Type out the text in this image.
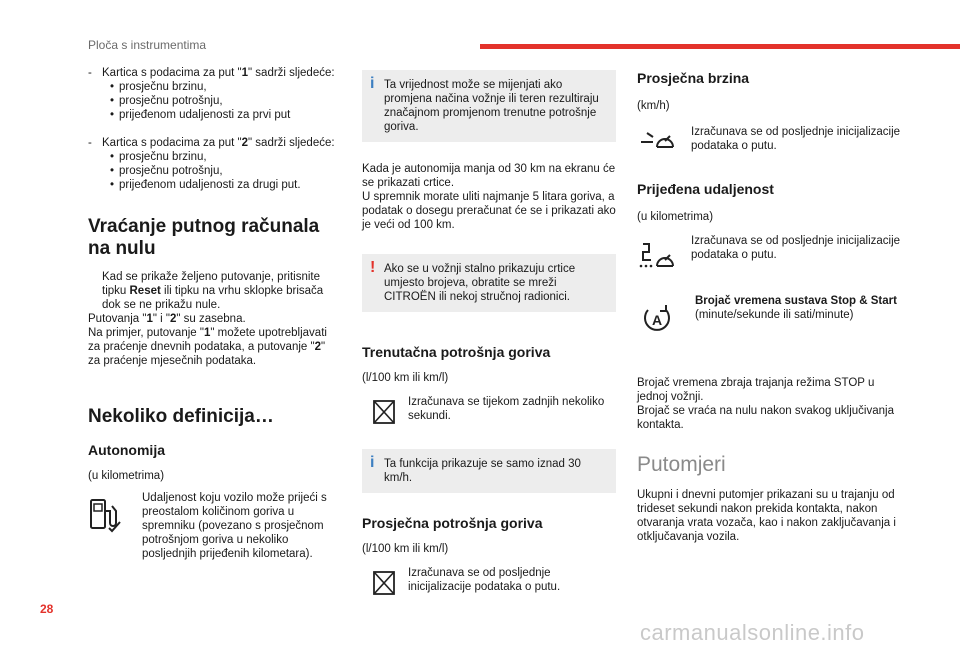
Ploča s instrumentima
- Kartica s podacima za put "1" sadrži sljedeće:

• prosječnu brzinu,
• prosječnu potrošnju,
• prijeđenom udaljenosti za prvi put
- Kartica s podacima za put "2" sadrži sljedeće:

• prosječnu brzinu,
• prosječnu potrošnju,
• prijeđenom udaljenosti za drugi put.
Vraćanje putnog računala na nulu

Kad se prikaže željeno putovanje, pritisnite tipku Reset ili tipku na vrhu sklopke brisača dok se ne prikažu nule.

Putovanja "1" i "2" su zasebna.

Na primjer, putovanje "1" možete upotrebljavati za praćenje dnevnih podataka, a putovanje "2" za praćenje mjesečnih podataka.

Nekoliko definicija…
Autonomija

(u kilometrima)

Udaljenost koju vozilo može prijeći s preostalom količinom goriva u spremniku (povezano s prosječnom potrošnjom goriva u nekoliko posljednjih prijeđenih kilometara).

i Ta vrijednost može se mijenjati ako promjena načina vožnje ili teren rezultiraju značajnom promjenom trenutne potrošnje goriva.

Kada je autonomija manja od 30 km na ekranu će se prikazati crtice.

U spremnik morate uliti najmanje 5 litara goriva, a podatak o dosegu preračunat će se i prikazati ako je veći od 100 km.

! Ako se u vožnji stalno prikazuju crtice umjesto brojeva, obratite se mreži CITROËN ili nekoj stručnoj radionici.

Trenutačna potrošnja goriva

(l/100 km ili km/l)

Izračunava se tijekom zadnjih nekoliko sekundi.

i Ta funkcija prikazuje se samo iznad 30 km/h.

Prosječna potrošnja goriva

(l/100 km ili km/l)

Izračunava se od posljednje inicijalizacije podataka o putu.

Prosječna brzina

(km/h)

Izračunava se od posljednje inicijalizacije podataka o putu.

Prijeđena udaljenost

(u kilometrima)

Izračunava se od posljednje inicijalizacije podataka o putu.

A

Brojač vremena sustava Stop & Start

(minute/sekunde ili sati/minute)

Brojač vremena zbraja trajanja režima STOP u jednoj vožnji.

Brojač se vraća na nulu nakon svakog uključivanja kontakta.

Putomjeri

Ukupni i dnevni putomjer prikazani su u trajanju od trideset sekundi nakon prekida kontakta, nakon otvaranja vrata vozača, kao i nakon zaključavanja i otključavanja vozila.

28
carmanualsonline.info
